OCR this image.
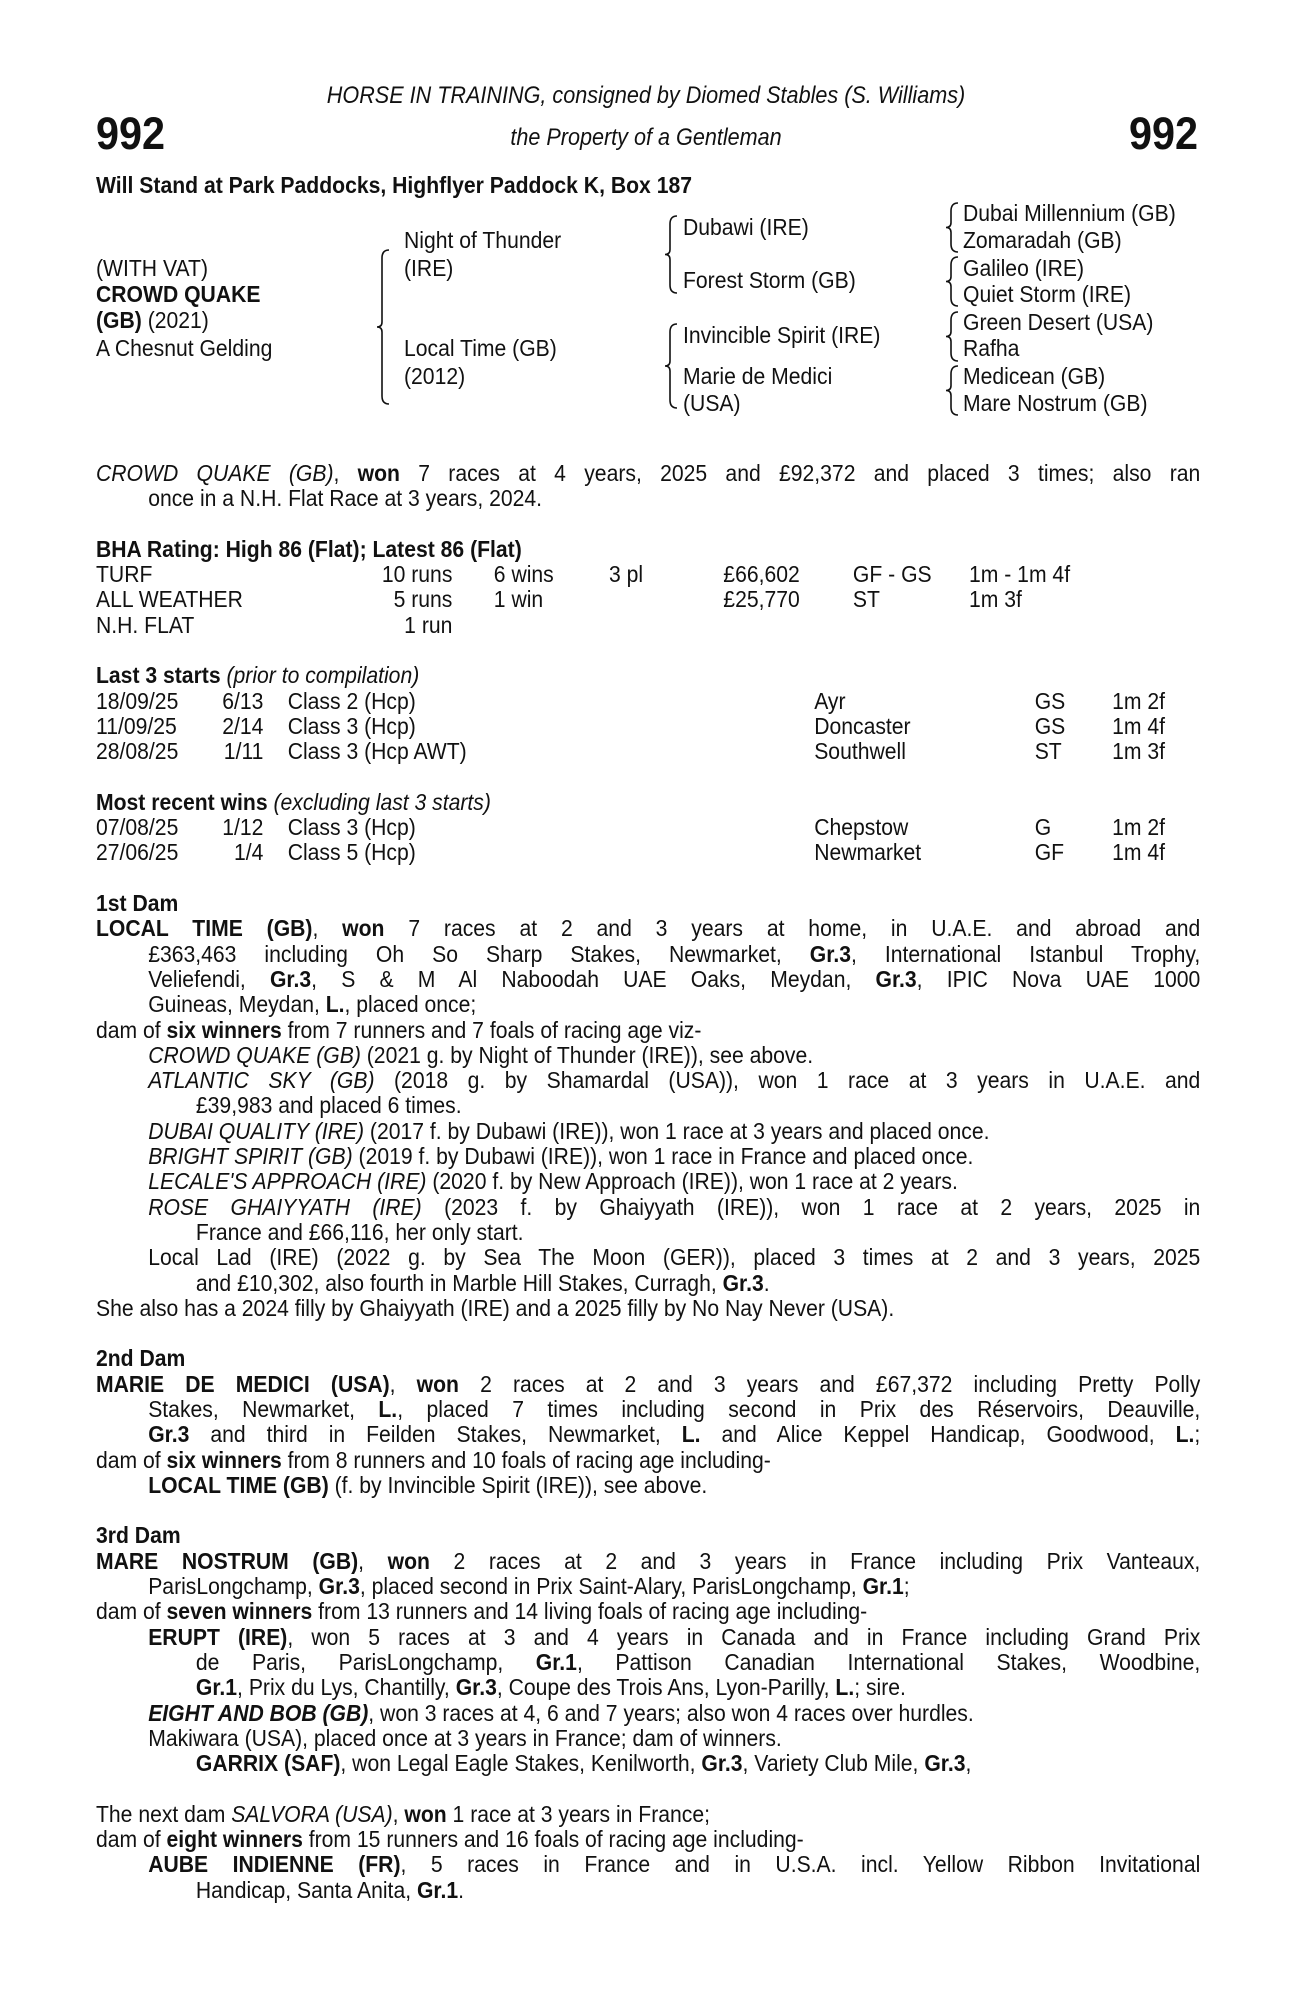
HORSE IN TRAINING, consigned by Diomed Stables (S. Williams)
the Property of a Gentleman
992	992
Will Stand at Park Paddocks, Highflyer Paddock K, Box 187
(WITH VAT)
CROWD QUAKE
(GB) (2021)
A Chesnut Gelding
Night of Thunder
(IRE)
Local Time (GB)
(2012)
Dubawi (IRE)
Forest Storm (GB)
Invincible Spirit (IRE)
Marie de Medici
(USA)
Dubai Millennium (GB)
Zomaradah (GB)
Galileo (IRE)
Quiet Storm (IRE)
Green Desert (USA)
Rafha
Medicean (GB)
Mare Nostrum (GB)
CROWD QUAKE (GB), won 7 races at 4 years, 2025 and £92,372 and placed 3 times; also ran
once in a N.H. Flat Race at 3 years, 2024.
BHA Rating: High 86 (Flat); Latest 86 (Flat)
TURF	10 runs 6 wins 3 pl	£66,602 GF - GS 1m - 1m 4f
ALL WEATHER	5 runs 1 win	£25,770 ST	1m 3f
N.H. FLAT	1 run
Last 3 starts (prior to compilation)
18/09/25 6/13 Class 2 (Hcp)	Ayr	GS 1m 2f
11/09/25 2/14 Class 3 (Hcp)	Doncaster	GS 1m 4f
28/08/25 1/11 Class 3 (Hcp AWT)	Southwell	ST 1m 3f
Most recent wins (excluding last 3 starts)
07/08/25 1/12 Class 3 (Hcp)	Chepstow	G	1m 2f
27/06/25 1/4 Class 5 (Hcp)	Newmarket	GF 1m 4f
1st Dam
LOCAL TIME (GB), won 7 races at 2 and 3 years at home, in U.A.E. and abroad and
£363,463 including Oh So Sharp Stakes, Newmarket, Gr.3, International Istanbul Trophy,
Veliefendi, Gr.3, S & M Al Naboodah UAE Oaks, Meydan, Gr.3, IPIC Nova UAE 1000
Guineas, Meydan, L., placed once;
dam of six winners from 7 runners and 7 foals of racing age viz-
CROWD QUAKE (GB) (2021 g. by Night of Thunder (IRE)), see above.
ATLANTIC SKY (GB) (2018 g. by Shamardal (USA)), won 1 race at 3 years in U.A.E. and
£39,983 and placed 6 times.
DUBAI QUALITY (IRE) (2017 f. by Dubawi (IRE)), won 1 race at 3 years and placed once.
BRIGHT SPIRIT (GB) (2019 f. by Dubawi (IRE)), won 1 race in France and placed once.
LECALE'S APPROACH (IRE) (2020 f. by New Approach (IRE)), won 1 race at 2 years.
ROSE GHAIYYATH (IRE) (2023 f. by Ghaiyyath (IRE)), won 1 race at 2 years, 2025 in
France and £66,116, her only start.
Local Lad (IRE) (2022 g. by Sea The Moon (GER)), placed 3 times at 2 and 3 years, 2025
and £10,302, also fourth in Marble Hill Stakes, Curragh, Gr.3.
She also has a 2024 filly by Ghaiyyath (IRE) and a 2025 filly by No Nay Never (USA).
2nd Dam
MARIE DE MEDICI (USA), won 2 races at 2 and 3 years and £67,372 including Pretty Polly
Stakes, Newmarket, L., placed 7 times including second in Prix des Réservoirs, Deauville,
Gr.3 and third in Feilden Stakes, Newmarket, L. and Alice Keppel Handicap, Goodwood, L.;
dam of six winners from 8 runners and 10 foals of racing age including-
LOCAL TIME (GB) (f. by Invincible Spirit (IRE)), see above.
3rd Dam
MARE NOSTRUM (GB), won 2 races at 2 and 3 years in France including Prix Vanteaux,
ParisLongchamp, Gr.3, placed second in Prix Saint-Alary, ParisLongchamp, Gr.1;
dam of seven winners from 13 runners and 14 living foals of racing age including-
ERUPT (IRE), won 5 races at 3 and 4 years in Canada and in France including Grand Prix
de Paris, ParisLongchamp, Gr.1, Pattison Canadian International Stakes, Woodbine,
Gr.1, Prix du Lys, Chantilly, Gr.3, Coupe des Trois Ans, Lyon-Parilly, L.; sire.
EIGHT AND BOB (GB), won 3 races at 4, 6 and 7 years; also won 4 races over hurdles.
Makiwara (USA), placed once at 3 years in France; dam of winners.
GARRIX (SAF), won Legal Eagle Stakes, Kenilworth, Gr.3, Variety Club Mile, Gr.3,
The next dam SALVORA (USA), won 1 race at 3 years in France;
dam of eight winners from 15 runners and 16 foals of racing age including-
AUBE INDIENNE (FR), 5 races in France and in U.S.A. incl. Yellow Ribbon Invitational
Handicap, Santa Anita, Gr.1.
